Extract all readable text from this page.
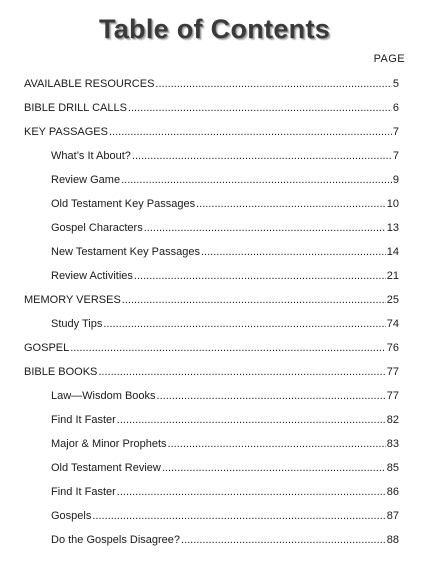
Table of Contents
PAGE
AVAILABLE RESOURCES .....	5
BIBLE DRILL CALLS .....	6
KEY PASSAGES .....	7
What’s It About? .....	7
Review Game .....	9
Old Testament Key Passages .....	10
Gospel Characters .....	13
New Testament Key Passages .....	14
Review Activities .....	21
MEMORY VERSES .....	25
Study Tips .....	74
GOSPEL .....	76
BIBLE BOOKS .....	77
Law—Wisdom Books .....	77
Find It Faster .....	82
Major & Minor Prophets .....	83
Old Testament Review .....	85
Find It Faster .....	86
Gospels .....	87
Do the Gospels Disagree? .....	88
